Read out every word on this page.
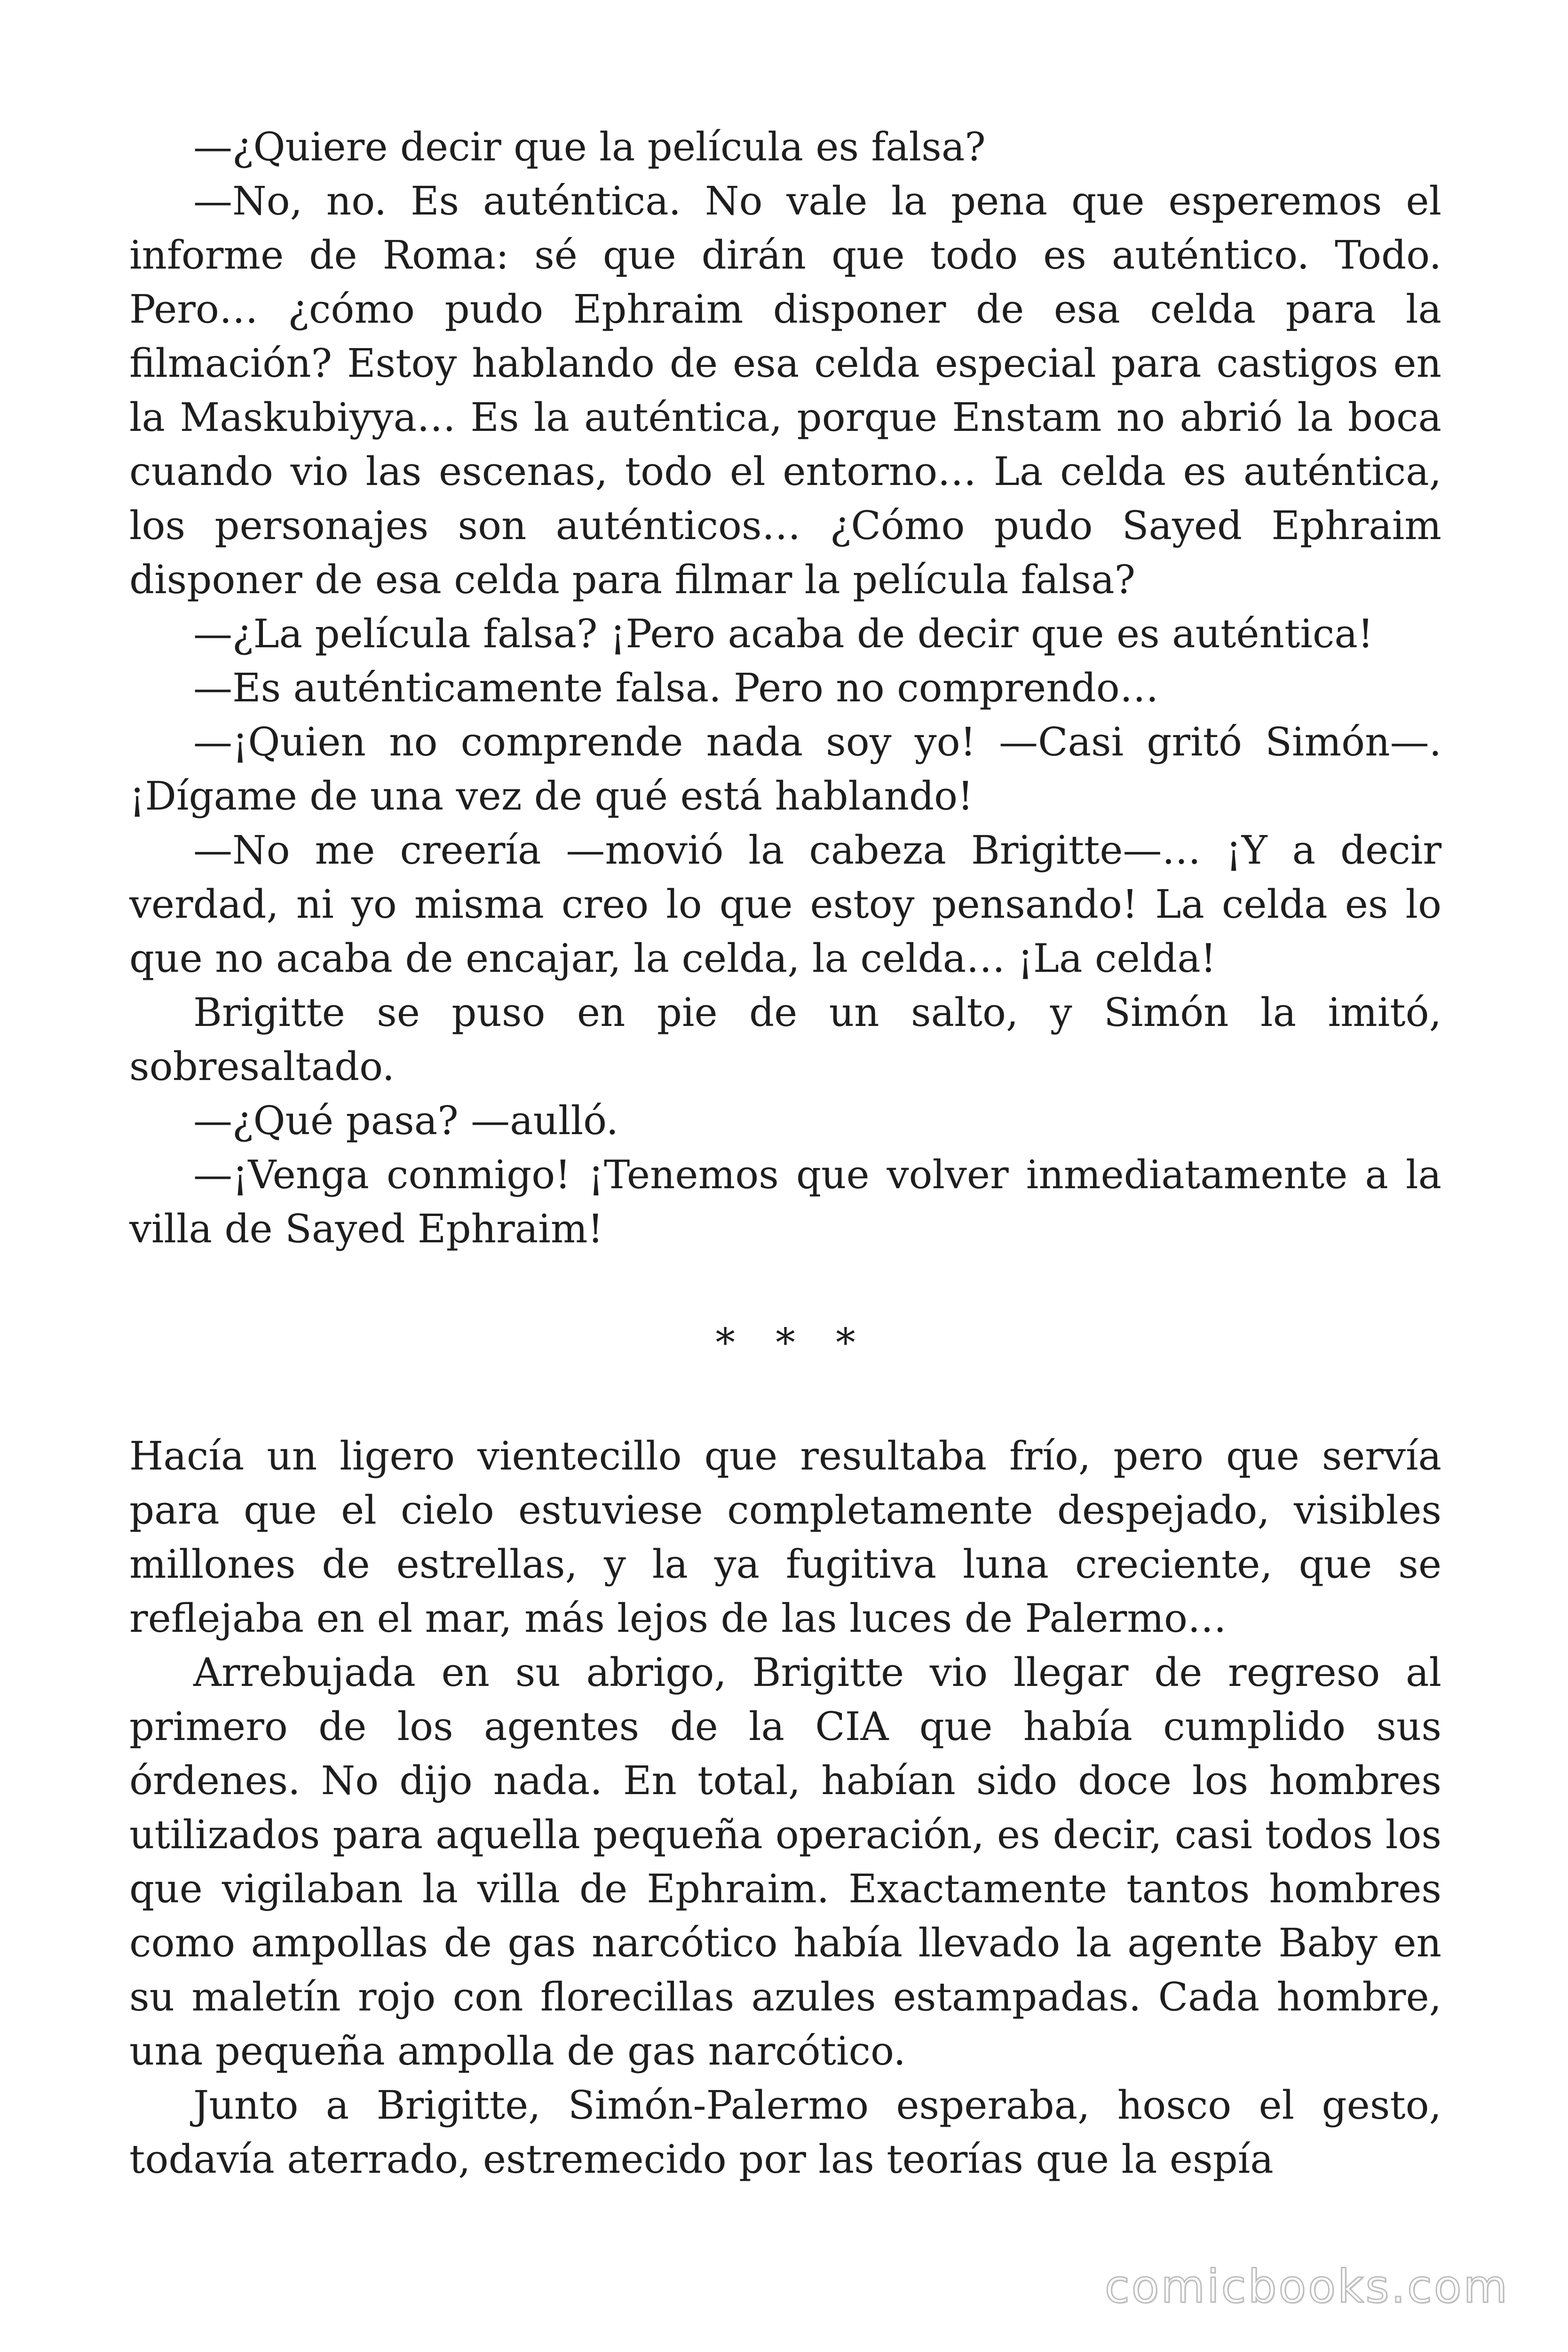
—¿Quiere decir que la película es falsa?

—No, no. Es auténtica. No vale la pena que esperemos el informe de Roma: sé que dirán que todo es auténtico. Todo. Pero… ¿cómo pudo Ephraim disponer de esa celda para la filmación? Estoy hablando de esa celda especial para castigos en la Maskubiyya… Es la auténtica, porque Enstam no abrió la boca cuando vio las escenas, todo el entorno… La celda es auténtica, los personajes son auténticos… ¿Cómo pudo Sayed Ephraim disponer de esa celda para filmar la película falsa?

—¿La película falsa? ¡Pero acaba de decir que es auténtica!

—Es auténticamente falsa. Pero no comprendo…

—¡Quien no comprende nada soy yo! —Casi gritó Simón—. ¡Dígame de una vez de qué está hablando!

—No me creería —movió la cabeza Brigitte—… ¡Y a decir verdad, ni yo misma creo lo que estoy pensando! La celda es lo que no acaba de encajar, la celda, la celda… ¡La celda!

Brigitte se puso en pie de un salto, y Simón la imitó, sobresaltado.

—¿Qué pasa? —aulló.

—¡Venga conmigo! ¡Tenemos que volver inmediatamente a la villa de Sayed Ephraim!

* * *

Hacía un ligero vientecillo que resultaba frío, pero que servía para que el cielo estuviese completamente despejado, visibles millones de estrellas, y la ya fugitiva luna creciente, que se reflejaba en el mar, más lejos de las luces de Palermo…

Arrebujada en su abrigo, Brigitte vio llegar de regreso al primero de los agentes de la CIA que había cumplido sus órdenes. No dijo nada. En total, habían sido doce los hombres utilizados para aquella pequeña operación, es decir, casi todos los que vigilaban la villa de Ephraim. Exactamente tantos hombres como ampollas de gas narcótico había llevado la agente Baby en su maletín rojo con florecillas azules estampadas. Cada hombre, una pequeña ampolla de gas narcótico.

Junto a Brigitte, Simón-Palermo esperaba, hosco el gesto, todavía aterrado, estremecido por las teorías que la espía

comicbooks.com
